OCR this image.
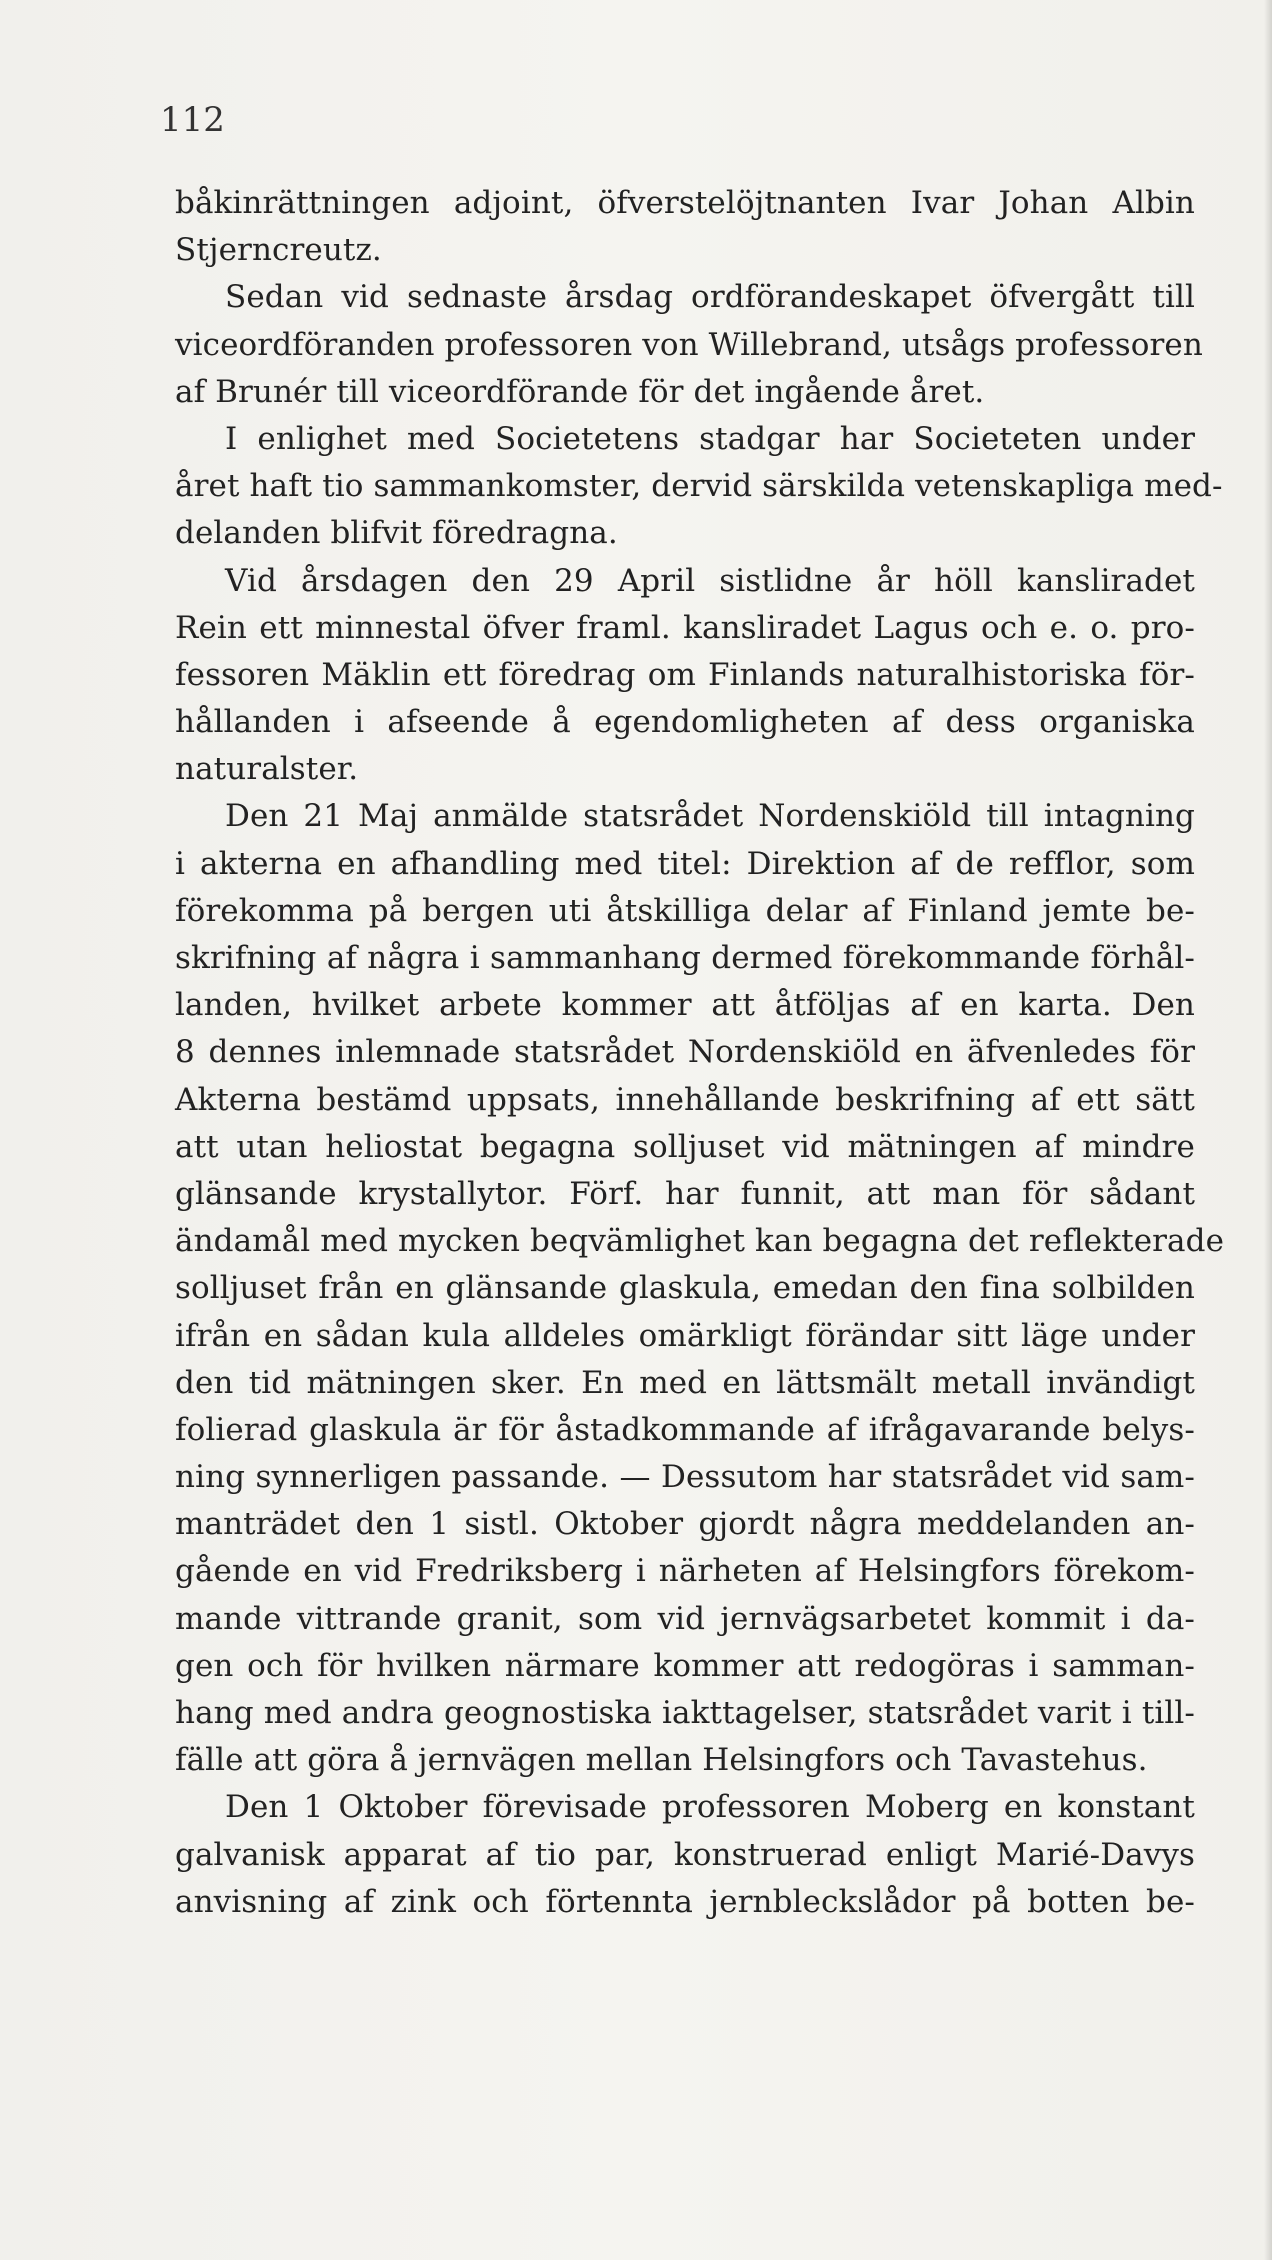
112
båkinrättningen adjoint, öfverstelöjtnanten Ivar Johan Albin
Stjerncreutz.
Sedan vid sednaste årsdag ordförandeskapet öfvergått till
viceordföranden professoren von Willebrand, utsågs professoren
af Brunér till viceordförande för det ingående året.
I enlighet med Societetens stadgar har Societeten under
året haft tio sammankomster, dervid särskilda vetenskapliga med-
delanden blifvit föredragna.
Vid årsdagen den 29 April sistlidne år höll kansliradet
Rein ett minnestal öfver framl. kansliradet Lagus och e. o. pro-
fessoren Mäklin ett föredrag om Finlands naturalhistoriska för-
hållanden i afseende å egendomligheten af dess organiska
naturalster.
Den 21 Maj anmälde statsrådet Nordenskiöld till intagning
i akterna en afhandling med titel: Direktion af de refflor, som
förekomma på bergen uti åtskilliga delar af Finland jemte be-
skrifning af några i sammanhang dermed förekommande förhål-
landen, hvilket arbete kommer att åtföljas af en karta. Den
8 dennes inlemnade statsrådet Nordenskiöld en äfvenledes för
Akterna bestämd uppsats, innehållande beskrifning af ett sätt
att utan heliostat begagna solljuset vid mätningen af mindre
glänsande krystallytor. Förf. har funnit, att man för sådant
ändamål med mycken beqvämlighet kan begagna det reflekterade
solljuset från en glänsande glaskula, emedan den fina solbilden
ifrån en sådan kula alldeles omärkligt förändar sitt läge under
den tid mätningen sker. En med en lättsmält metall invändigt
folierad glaskula är för åstadkommande af ifrågavarande belys-
ning synnerligen passande. — Dessutom har statsrådet vid sam-
manträdet den 1 sistl. Oktober gjordt några meddelanden an-
gående en vid Fredriksberg i närheten af Helsingfors förekom-
mande vittrande granit, som vid jernvägsarbetet kommit i da-
gen och för hvilken närmare kommer att redogöras i samman-
hang med andra geognostiska iakttagelser, statsrådet varit i till-
fälle att göra å jernvägen mellan Helsingfors och Tavastehus.
Den 1 Oktober förevisade professoren Moberg en konstant
galvanisk apparat af tio par, konstruerad enligt Marié-Davys
anvisning af zink och förtennta jernbleckslådor på botten be-
